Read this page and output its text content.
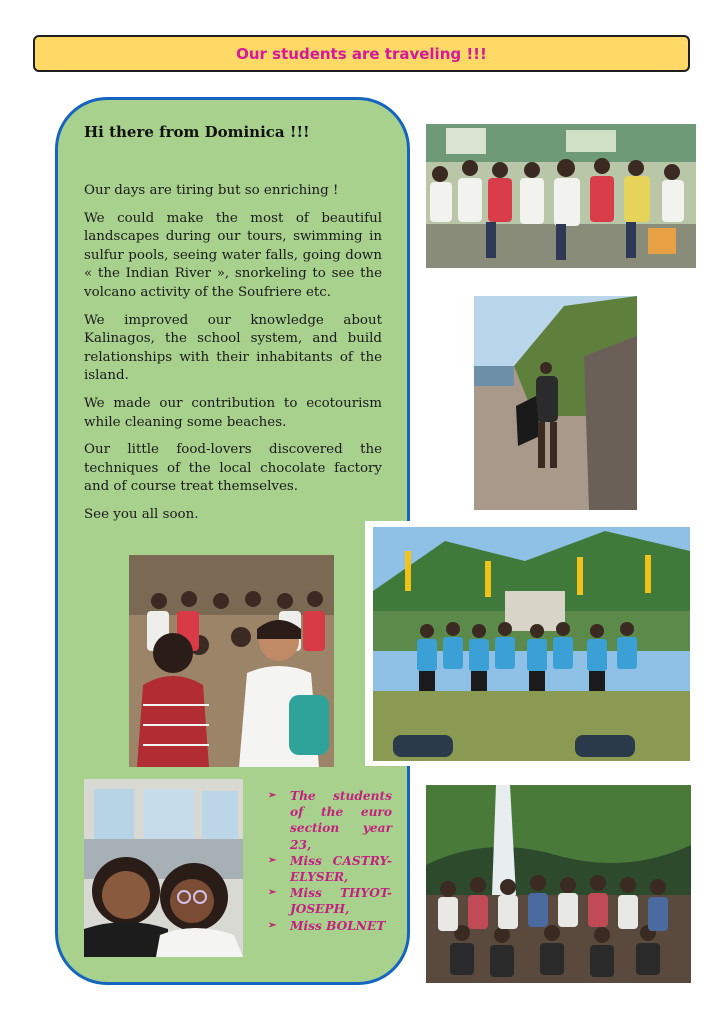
Our students are traveling !!!
Hi there from Dominica !!!

Our days are tiring but so enriching !

We could make the most of beautiful landscapes during our tours, swimming in sulfur pools, seeing water falls, going down « the Indian River », snorkeling to see the volcano activity of the Soufriere etc.

We improved our knowledge about Kalinagos, the school system, and build relationships with their inhabitants of the island.

We made our contribution to ecotourism while cleaning some beaches.

Our little food-lovers discovered the techniques of the local chocolate factory and of course treat themselves.

See you all soon.

➢ The students of the euro section year 23,
➢ Miss CASTRY-ELYSER,
➢ Miss THYOT-JOSEPH,
➢ Miss BOLNET
